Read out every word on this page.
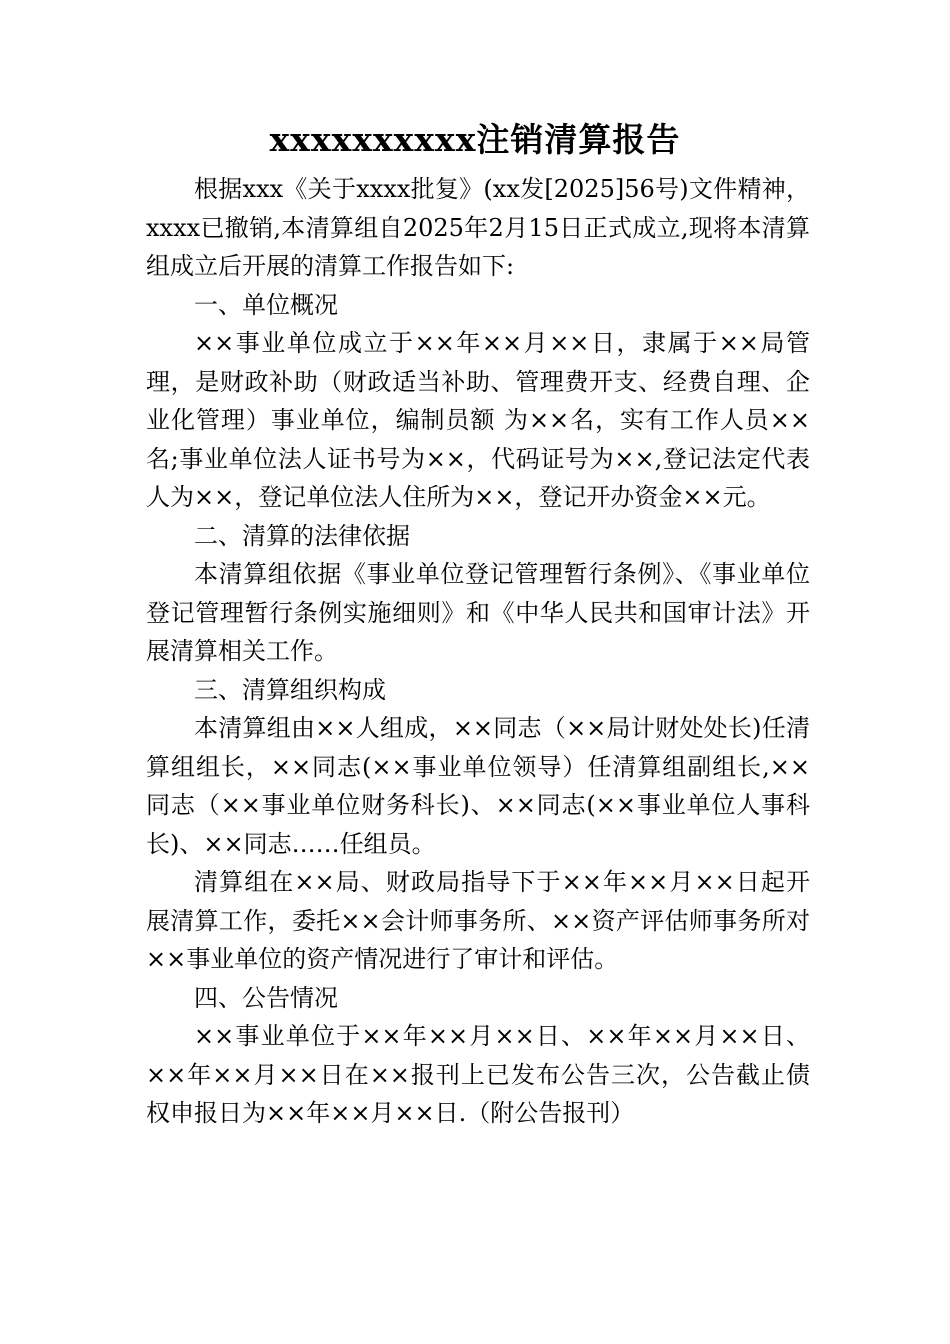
xxxxxxxxxx注销清算报告

根据xxx《关于xxxx批复》(xx发[2025]56号)文件精神，xxxx已撤销,本清算组自2025年2月15日正式成立,现将本清算组成立后开展的清算工作报告如下:

一、单位概况

××事业单位成立于××年××月××日，隶属于××局管理，是财政补助（财政适当补助、管理费开支、经费自理、企业化管理）事业单位，编制员额 为××名，实有工作人员××名;事业单位法人证书号为××，代码证号为××,登记法定代表人为××，登记单位法人住所为××，登记开办资金××元。

二、清算的法律依据

本清算组依据《事业单位登记管理暂行条例》、《事业单位登记管理暂行条例实施细则》和《中华人民共和国审计法》开展清算相关工作。

三、清算组织构成

本清算组由××人组成，××同志（××局计财处处长)任清算组组长，××同志(××事业单位领导）任清算组副组长,××同志（××事业单位财务科长)、××同志(××事业单位人事科长)、××同志……任组员。

清算组在××局、财政局指导下于××年××月××日起开展清算工作，委托××会计师事务所、××资产评估师事务所对××事业单位的资产情况进行了审计和评估。

四、公告情况

××事业单位于××年××月××日、××年××月××日、××年××月××日在××报刊上已发布公告三次，公告截止债权申报日为××年××月××日.（附公告报刊）
